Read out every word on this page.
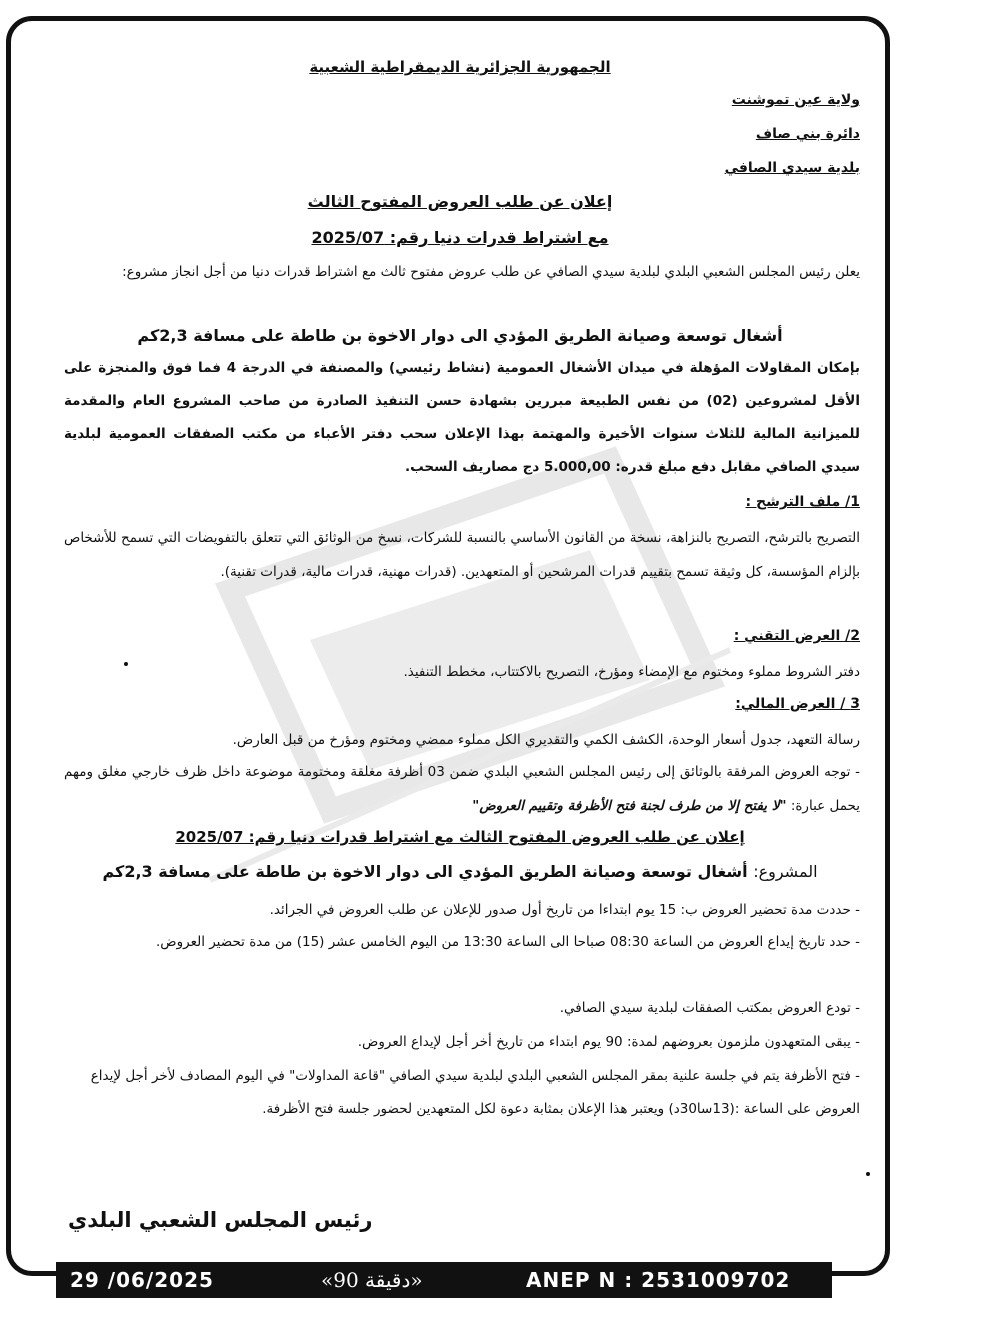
الجمهورية الجزائرية الديمقراطية الشعبية
ولاية عين تموشنت
دائرة بني صاف
بلدية سيدي الصافي
إعلان عن طلب العروض المفتوح الثالث
مع اشتراط قدرات دنيا رقم: 2025/07
يعلن رئيس المجلس الشعبي البلدي لبلدية سيدي الصافي عن طلب عروض مفتوح ثالث مع اشتراط قدرات دنيا من أجل انجاز مشروع:
أشغال توسعة وصيانة الطريق المؤدي الى دوار الاخوة بن طاطة على مسافة 2,3كم
بإمكان المقاولات المؤهلة في ميدان الأشغال العمومية (نشاط رئيسي) والمصنفة في الدرجة 4 فما فوق والمنجزة على الأقل لمشروعين (02) من نفس الطبيعة مبررين بشهادة حسن التنفيذ الصادرة من صاحب المشروع العام والمقدمة للميزانية المالية للثلاث سنوات الأخيرة والمهتمة بهذا الإعلان سحب دفتر الأعباء من مكتب الصفقات العمومية لبلدية سيدي الصافي مقابل دفع مبلغ قدره: 5.000,00 دج مصاريف السحب.
1/ ملف الترشح :
التصريح بالترشح، التصريح بالنزاهة، نسخة من القانون الأساسي بالنسبة للشركات، نسخ من الوثائق التي تتعلق بالتفويضات التي تسمح للأشخاص بإلزام المؤسسة، كل وثيقة تسمح بتقييم قدرات المرشحين أو المتعهدين. (قدرات مهنية، قدرات مالية، قدرات تقنية).
2/ العرض التقني :
دفتر الشروط مملوء ومختوم مع الإمضاء ومؤرخ، التصريح بالاكتتاب، مخطط التنفيذ.
3 / العرض المالي:
رسالة التعهد، جدول أسعار الوحدة، الكشف الكمي والتقديري الكل مملوء ممضي ومختوم ومؤرخ من قبل العارض.
- توجه العروض المرفقة بالوثائق إلى رئيس المجلس الشعبي البلدي ضمن 03 أظرفة مغلقة ومختومة موضوعة داخل ظرف خارجي مغلق ومهم يحمل عبارة: "لا يفتح إلا من طرف لجنة فتح الأظرفة وتقييم العروض"
إعلان عن طلب العروض المفتوح الثالث مع اشتراط قدرات دنيا رقم: 2025/07
المشروع: أشغال توسعة وصيانة الطريق المؤدي الى دوار الاخوة بن طاطة على مسافة 2,3كم
- حددت مدة تحضير العروض ب: 15 يوم ابتداءا من تاريخ أول صدور للإعلان عن طلب العروض في الجرائد.
- حدد تاريخ إيداع العروض من الساعة 08:30 صباحا الى الساعة 13:30 من اليوم الخامس عشر (15) من مدة تحضير العروض.
- تودع العروض بمكتب الصفقات لبلدية سيدي الصافي.
- يبقى المتعهدون ملزمون بعروضهم لمدة: 90 يوم ابتداء من تاريخ أخر أجل لإيداع العروض.
- فتح الأظرفة يتم في جلسة علنية بمقر المجلس الشعبي البلدي لبلدية سيدي الصافي "قاعة المداولات" في اليوم المصادف لأخر أجل لإيداع العروض على الساعة :(13سا30د) ويعتبر هذا الإعلان بمثابة دعوة لكل المتعهدين لحضور جلسة فتح الأظرفة.
رئيس المجلس الشعبي البلدي
29 /06/2025	«90 دقيقة»	ANEP N : 2531009702
